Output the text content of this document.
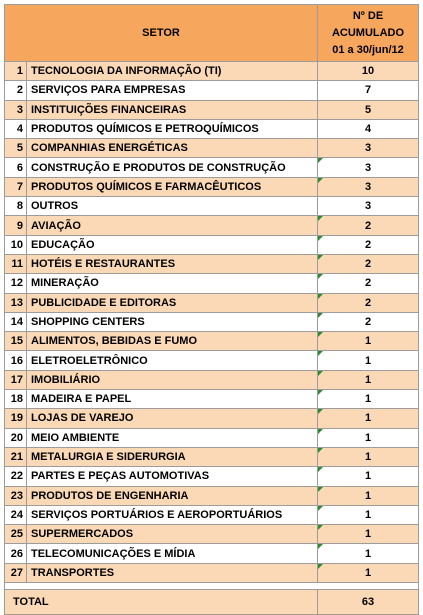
SETOR		Nº DE
ACUMULADO
01 a 30/jun/12

1	TECNOLOGIA DA INFORMAÇÃO (TI)	10
2	SERVIÇOS PARA EMPRESAS	7
3	INSTITUIÇÕES FINANCEIRAS	5
4	PRODUTOS QUÍMICOS E PETROQUÍMICOS	4
5	COMPANHIAS ENERGÉTICAS	3
6	CONSTRUÇÃO E PRODUTOS DE CONSTRUÇÃO	3
7	PRODUTOS QUÍMICOS E FARMACÊUTICOS	3
8	OUTROS	3
9	AVIAÇÃO	2
10	EDUCAÇÃO	2
11	HOTÉIS E RESTAURANTES	2
12	MINERAÇÃO	2
13	PUBLICIDADE E EDITORAS	2
14	SHOPPING CENTERS	2
15	ALIMENTOS, BEBIDAS E FUMO	1
16	ELETROELETRÔNICO	1
17	IMOBILIÁRIO	1
18	MADEIRA E PAPEL	1
19	LOJAS DE VAREJO	1
20	MEIO AMBIENTE	1
21	METALURGIA E SIDERURGIA	1
22	PARTES E PEÇAS AUTOMOTIVAS	1
23	PRODUTOS DE ENGENHARIA	1
24	SERVIÇOS PORTUÁRIOS E AEROPORTUÁRIOS	1
25	SUPERMERCADOS	1
26	TELECOMUNICAÇÕES E MÍDIA	1
27	TRANSPORTES	1

TOTAL		63
